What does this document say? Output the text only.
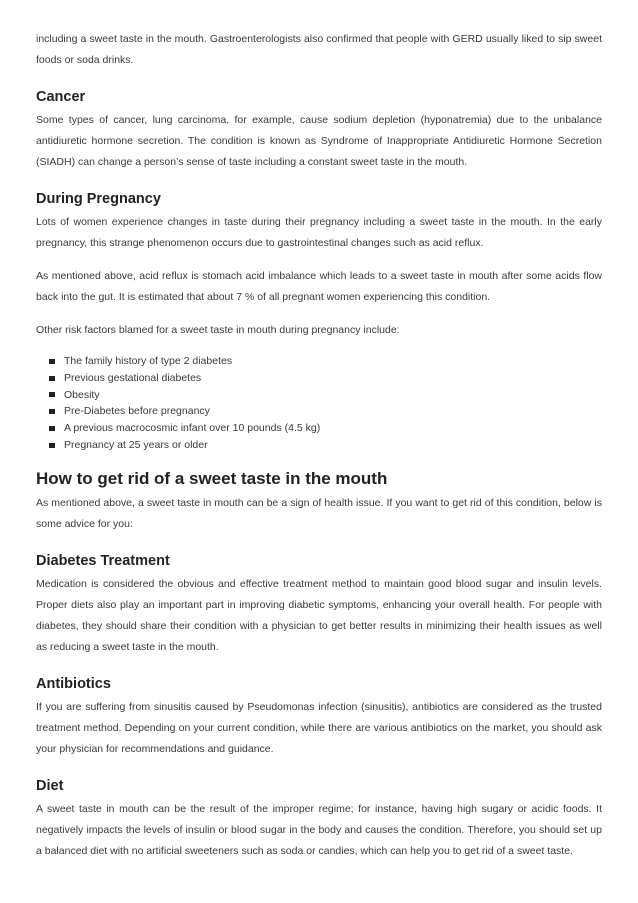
including a sweet taste in the mouth. Gastroenterologists also confirmed that people with GERD usually liked to sip sweet foods or soda drinks.

Cancer

Some types of cancer, lung carcinoma, for example, cause sodium depletion (hyponatremia) due to the unbalance antidiuretic hormone secretion. The condition is known as Syndrome of Inappropriate Antidiuretic Hormone Secretion (SIADH) can change a person’s sense of taste including a constant sweet taste in the mouth.

During Pregnancy

Lots of women experience changes in taste during their pregnancy including a sweet taste in the mouth. In the early pregnancy, this strange phenomenon occurs due to gastrointestinal changes such as acid reflux.

As mentioned above, acid reflux is stomach acid imbalance which leads to a sweet taste in mouth after some acids flow back into the gut. It is estimated that about 7 % of all pregnant women experiencing this condition.

Other risk factors blamed for a sweet taste in mouth during pregnancy include:

The family history of type 2 diabetes
Previous gestational diabetes
Obesity
Pre-Diabetes before pregnancy
A previous macrocosmic infant over 10 pounds (4.5 kg)
Pregnancy at 25 years or older
How to get rid of a sweet taste in the mouth

As mentioned above, a sweet taste in mouth can be a sign of health issue. If you want to get rid of this condition, below is some advice for you:

Diabetes Treatment

Medication is considered the obvious and effective treatment method to maintain good blood sugar and insulin levels. Proper diets also play an important part in improving diabetic symptoms, enhancing your overall health. For people with diabetes, they should share their condition with a physician to get better results in minimizing their health issues as well as reducing a sweet taste in the mouth.

Antibiotics

If you are suffering from sinusitis caused by Pseudomonas infection (sinusitis), antibiotics are considered as the trusted treatment method. Depending on your current condition, while there are various antibiotics on the market, you should ask your physician for recommendations and guidance.

Diet

A sweet taste in mouth can be the result of the improper regime; for instance, having high sugary or acidic foods. It negatively impacts the levels of insulin or blood sugar in the body and causes the condition. Therefore, you should set up a balanced diet with no artificial sweeteners such as soda or candies, which can help you to get rid of a sweet taste.
